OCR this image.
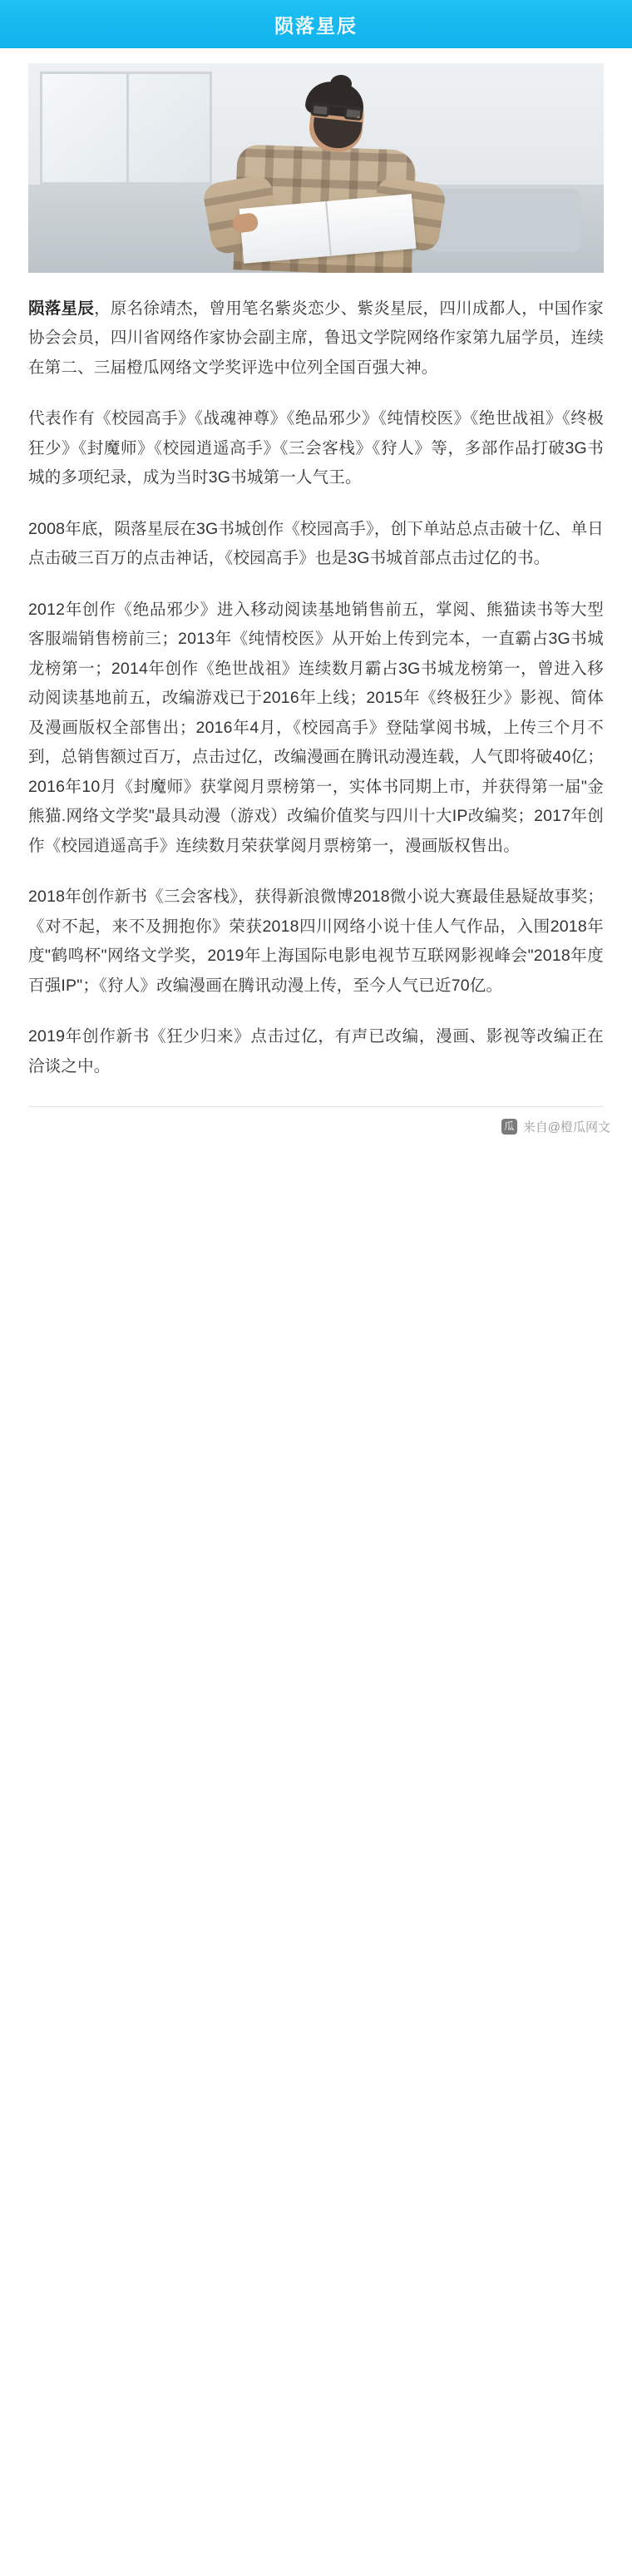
陨落星辰

陨落星辰，原名徐靖杰，曾用笔名紫炎恋少、紫炎星辰，四川成都人，中国作家协会会员，四川省网络作家协会副主席，鲁迅文学院网络作家第九届学员，连续在第二、三届橙瓜网络文学奖评选中位列全国百强大神。

代表作有《校园高手》《战魂神尊》《绝品邪少》《纯情校医》《绝世战祖》《终极狂少》《封魔师》《校园逍遥高手》《三会客栈》《狩人》等，多部作品打破3G书城的多项纪录，成为当时3G书城第一人气王。

2008年底，陨落星辰在3G书城创作《校园高手》，创下单站总点击破十亿、单日点击破三百万的点击神话，《校园高手》也是3G书城首部点击过亿的书。

2012年创作《绝品邪少》进入移动阅读基地销售前五，掌阅、熊猫读书等大型客服端销售榜前三；2013年《纯情校医》从开始上传到完本，一直霸占3G书城龙榜第一；2014年创作《绝世战祖》连续数月霸占3G书城龙榜第一，曾进入移动阅读基地前五，改编游戏已于2016年上线；2015年《终极狂少》影视、简体及漫画版权全部售出；2016年4月，《校园高手》登陆掌阅书城，上传三个月不到，总销售额过百万，点击过亿，改编漫画在腾讯动漫连载，人气即将破40亿；2016年10月《封魔师》获掌阅月票榜第一，实体书同期上市，并获得第一届"金熊猫.网络文学奖"最具动漫（游戏）改编价值奖与四川十大IP改编奖；2017年创作《校园逍遥高手》连续数月荣获掌阅月票榜第一，漫画版权售出。

2018年创作新书《三会客栈》，获得新浪微博2018微小说大赛最佳悬疑故事奖；《对不起，来不及拥抱你》荣获2018四川网络小说十佳人气作品，入围2018年度"鹤鸣杯"网络文学奖，2019年上海国际电影电视节互联网影视峰会"2018年度百强IP"；《狩人》改编漫画在腾讯动漫上传，至今人气已近70亿。

2019年创作新书《狂少归来》点击过亿，有声已改编，漫画、影视等改编正在洽谈之中。

瓜 来自@橙瓜网文
